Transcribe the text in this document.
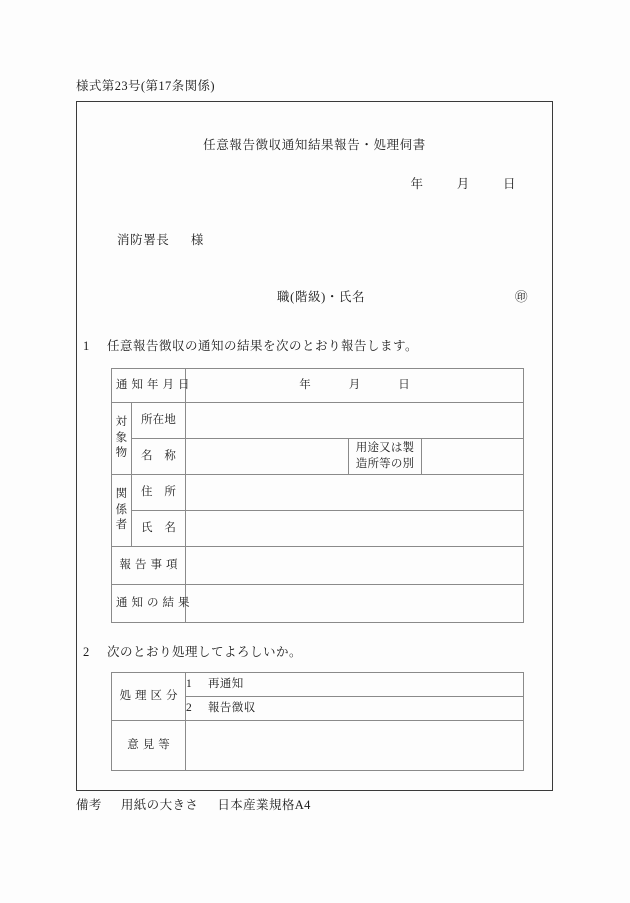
様式第23号(第17条関係)
任意報告徴収通知結果報告・処理伺書
年	月	日
消防署長 様
職(階級)・氏名	㊞
1 任意報告徴収の通知の結果を次のとおり報告します。
通知年月日		年 月 日		

対
象
物	所在地			
	名　称		用途又は製
造所等の別	

関
係
者	住　所			
	氏　名			
報告事項				
通知の結果				
2 次のとおり処理してよろしいか。
処理区分	1 再通知
	2 報告徴収
意見等	
備考 用紙の大きさ 日本産業規格A4
